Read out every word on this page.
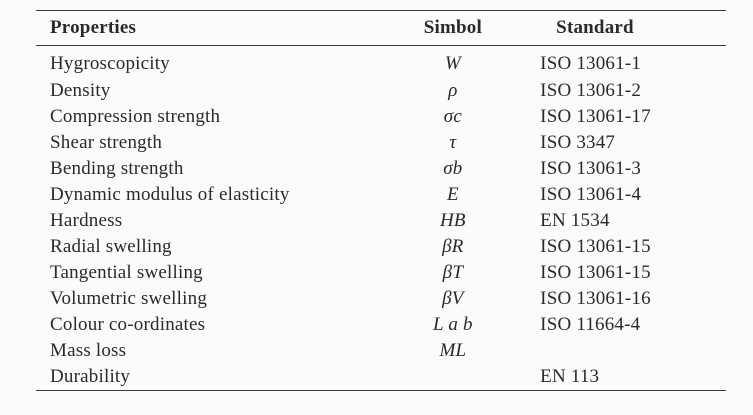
Properties	Simbol	Standard
Hygroscopicity	W	ISO 13061-1
Density	ρ	ISO 13061-2
Compression strength	σc	ISO 13061-17
Shear strength	τ	ISO 3347
Bending strength	σb	ISO 13061-3
Dynamic modulus of elasticity	E	ISO 13061-4
Hardness	HB	EN 1534
Radial swelling	βR	ISO 13061-15
Tangential swelling	βT	ISO 13061-15
Volumetric swelling	βV	ISO 13061-16
Colour co-ordinates	L a b	ISO 11664-4
Mass loss	ML	
Durability		EN 113
